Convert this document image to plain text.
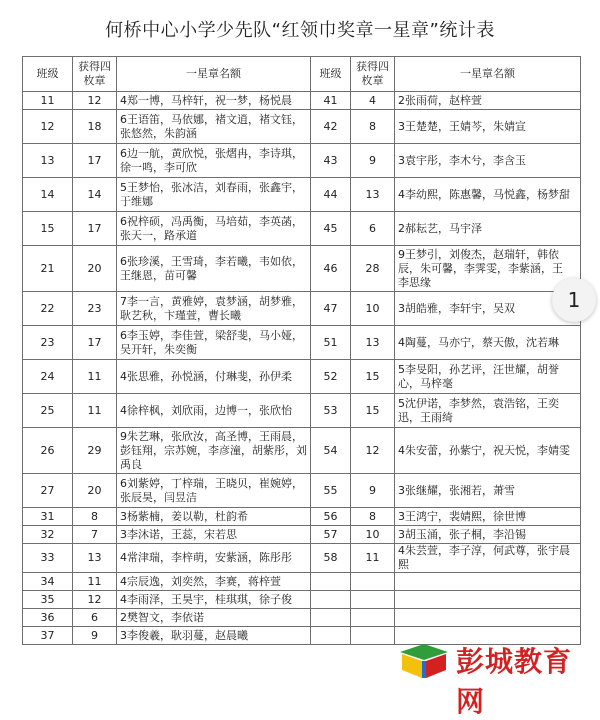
何桥中心小学少先队“红领巾奖章一星章”统计表
班级	获得四枚章	一星章名额	班级	获得四枚章	一星章名额
11	12	4郑一博，马梓轩，祝一梦，杨悦晨	41	4	2张雨荷，赵梓萱
12	18	6王语笛，马依娜，褚文逍，褚文钰，张悠然，朱韵涵	42	8	3王楚楚，王婧芩，朱婧宣
13	17	6边一航，黄欣悦，张熠冉，李诗琪，徐一鸣，李可欣	43	9	3袁宇彤，李木兮，李含玉
14	14	5王梦怡，张冰洁，刘春雨，张鑫宇，于维娜	44	13	4李幼熙，陈惠馨，马悦鑫，杨梦甜
15	17	6祝梓硕，冯禹衡，马培茹，李英菡，张天一，路承道	45	6	2郝耘艺，马宇泽
21	20	6张珍溪，王雪琦，李若曦，韦如依，王继恩，苗可馨	46	28	9王梦引，刘俊杰，赵瑞轩，韩依辰，朱可馨，李霁雯，李紫涵，王 李思缘
22	23	7李一言，黄雅婷，袁梦涵，胡梦雅，耿艺秋，卞瑾萱，曹长曦	47	10	3胡皓雅，李轩宇，吴双
23	17	6李玉婷，李佳萱，梁舒斐，马小娅，吴开轩，朱奕衡	51	13	4陶蔓，马亦宁，蔡天傲，沈若琳
24	11	4张思雅，孙悦涵，付琳斐，孙伊柔	52	15	5李旻阳，孙艺评，汪世耀，胡誉心，马梓毫
25	11	4徐梓枫，刘欣雨，边博一，张欣怡	53	15	5沈伊诺，李梦然，袁浩铭，王奕迅，王雨绮
26	29	9朱艺琳，张欣汝，高圣博，王雨晨，彭钰翔，宗苏婉，李彦潼，胡紫彤，刘禹良	54	12	4朱安蕾，孙紫宁，祝天悦，李婧雯
27	20	6刘紫婷，丁梓瑞，王晓贝，崔婉婷，张辰昊，闫昱洁	55	9	3张继耀，张湘若，萧雪
31	8	3杨紫楠，姜以勒，杜韵希	56	8	3王鸿宁，裴婧熙，徐世博
32	7	3李沐诺，王蕊，宋若思	57	10	3胡玉涌，张子桐，李沿锡
33	13	4常津瑞，李梓萌，安紫涵，陈彤彤	58	11	4朱芸萱，李子淳，何武尊，张宇晨熙
34	11	4宗辰逸，刘奕然，李赛，蒋梓萱			
35	12	4李雨泽，王昊宇，桂琪琪，徐子俊			
36	6	2樊智文，李依诺			
37	9	3李俊羲，耿羽蔓，赵晨曦			
1
彭城教育网
